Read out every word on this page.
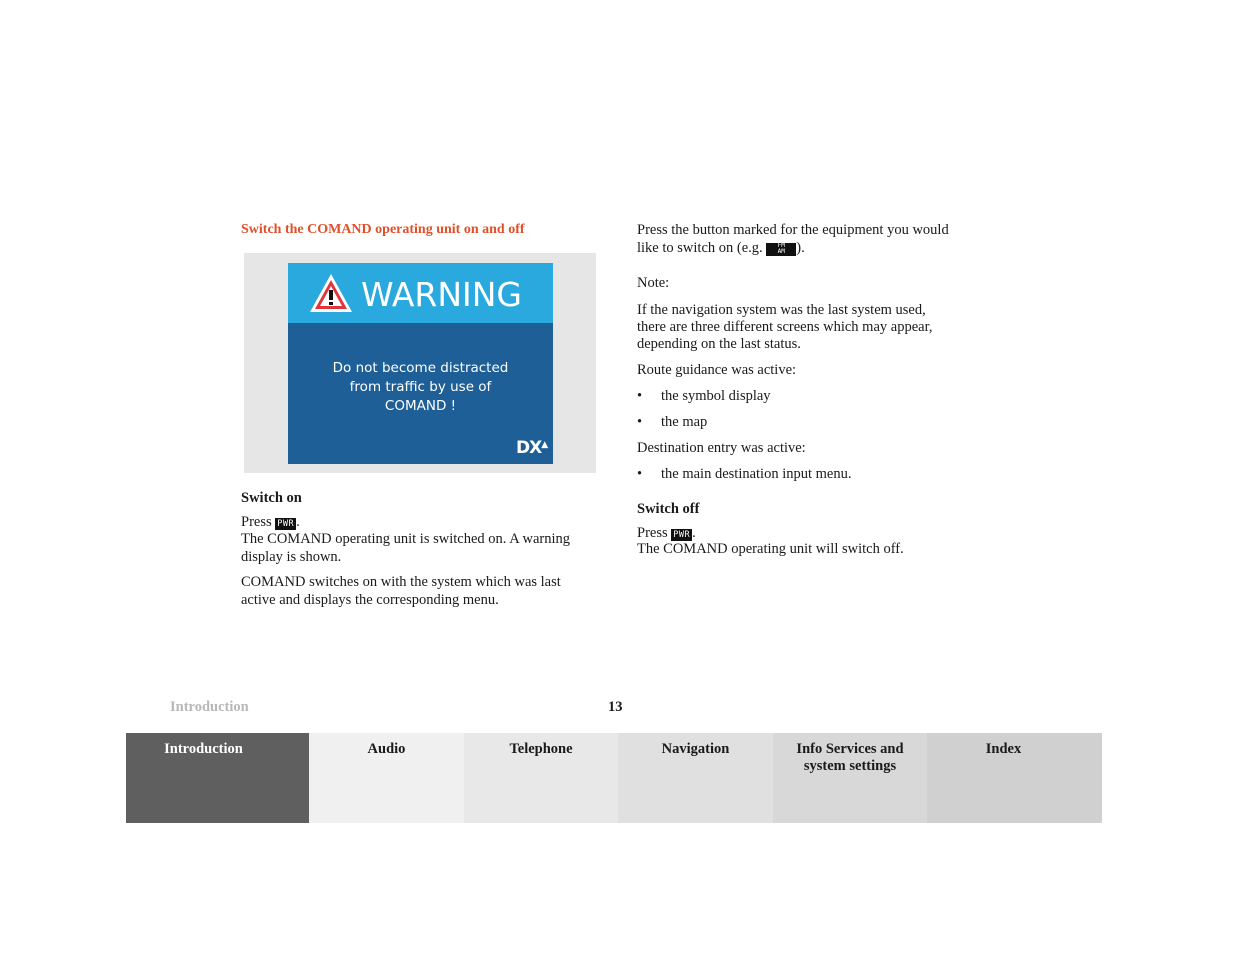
Switch the COMAND operating unit on and off
WARNING
Do not become distracted
from traffic by use of
COMAND !
DX▲
Switch on
Press PWR .
The COMAND operating unit is switched on. A warning
display is shown.
COMAND switches on with the system which was last
active and displays the corresponding menu.
Press the button marked for the equipment you would
like to switch on (e.g.	FM
AM ).
Note:
If the navigation system was the last system used,
there are three different screens which may appear,
depending on the last status.
Route guidance was active:
• the symbol display
• the map
Destination entry was active:
• the main destination input menu.
Switch off
Press PWR .
The COMAND operating unit will switch off.
Introduction	13
Introduction	Audio	Telephone	Navigation	Info Services and
system settings
Index
